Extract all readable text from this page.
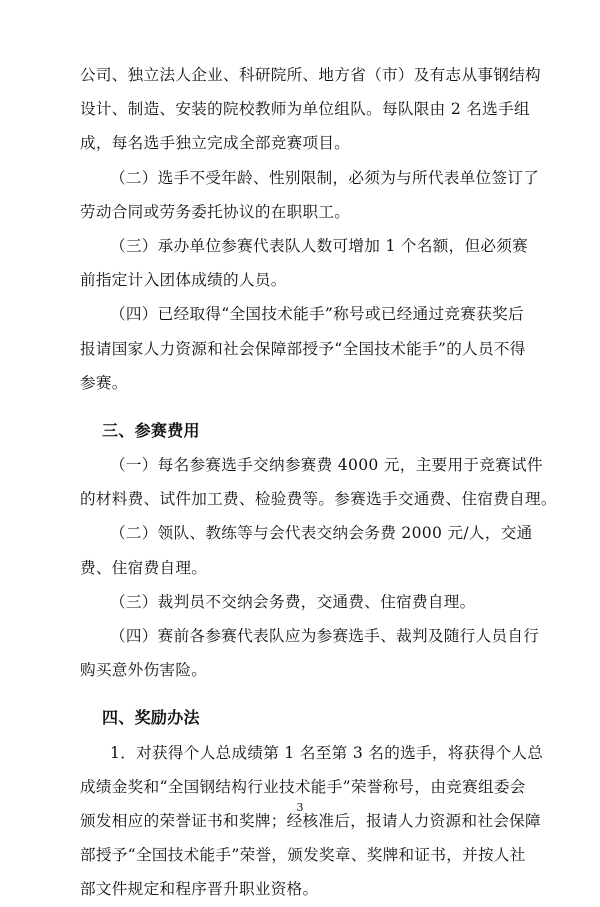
公司、独立法人企业、科研院所、地方省（市）及有志从事钢结构
设计、制造、安装的院校教师为单位组队。每队限由 2 名选手组
成，每名选手独立完成全部竞赛项目。
（二）选手不受年龄、性别限制，必须为与所代表单位签订了
劳动合同或劳务委托协议的在职职工。
（三）承办单位参赛代表队人数可增加 1 个名额，但必须赛
前指定计入团体成绩的人员。
（四）已经取得“全国技术能手”称号或已经通过竞赛获奖后
报请国家人力资源和社会保障部授予“全国技术能手”的人员不得
参赛。
三、参赛费用
（一）每名参赛选手交纳参赛费 4000 元，主要用于竞赛试件
的材料费、试件加工费、检验费等。参赛选手交通费、住宿费自理。
（二）领队、教练等与会代表交纳会务费 2000 元/人，交通
费、住宿费自理。
（三）裁判员不交纳会务费，交通费、住宿费自理。
（四）赛前各参赛代表队应为参赛选手、裁判及随行人员自行
购买意外伤害险。
四、奖励办法
1．对获得个人总成绩第 1 名至第 3 名的选手，将获得个人总
成绩金奖和“全国钢结构行业技术能手”荣誉称号，由竞赛组委会
颁发相应的荣誉证书和奖牌；经核准后，报请人力资源和社会保障
部授予“全国技术能手”荣誉，颁发奖章、奖牌和证书，并按人社
部文件规定和程序晋升职业资格。
3
